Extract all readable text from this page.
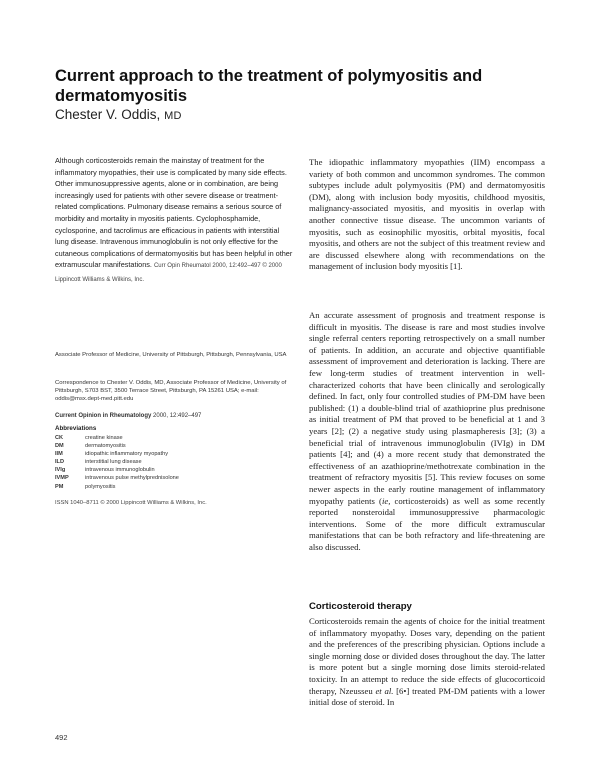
Current approach to the treatment of polymyositis and dermatomyositis
Chester V. Oddis, MD

Although corticosteroids remain the mainstay of treatment for the inflammatory myopathies, their use is complicated by many side effects. Other immunosuppressive agents, alone or in combination, are being increasingly used for patients with other severe disease or treatment-related complications. Pulmonary disease remains a serious source of morbidity and mortality in myositis patients. Cyclophosphamide, cyclosporine, and tacrolimus are efficacious in patients with interstitial lung disease. Intravenous immunoglobulin is not only effective for the cutaneous complications of dermatomyositis but has been helpful in other extramuscular manifestations. Curr Opin Rheumatol 2000, 12:492–497 © 2000 Lippincott Williams & Wilkins, Inc.

Associate Professor of Medicine, University of Pittsburgh, Pittsburgh, Pennsylvania, USA

Correspondence to Chester V. Oddis, MD, Associate Professor of Medicine, University of Pittsburgh, S703 BST, 3500 Terrace Street, Pittsburgh, PA 15261 USA; e-mail: oddis@msx.dept-med.pitt.edu

Current Opinion in Rheumatology 2000, 12:492–497

Abbreviations

CK	creatine kinase
DM	dermatomyositis
IIM	idiopathic inflammatory myopathy
ILD	interstitial lung disease
IVIg	intravenous immunoglobulin
IVMP	intravenous pulse methylprednisolone
PM	polymyositis

ISSN 1040–8711 © 2000 Lippincott Williams & Wilkins, Inc.

492

The idiopathic inflammatory myopathies (IIM) encompass a variety of both common and uncommon syndromes. The common subtypes include adult polymyositis (PM) and dermatomyositis (DM), along with inclusion body myositis, childhood myositis, malignancy-associated myositis, and myositis in overlap with another connective tissue disease. The uncommon variants of myositis, such as eosinophilic myositis, orbital myositis, focal myositis, and others are not the subject of this treatment review and are discussed elsewhere along with recommendations on the management of inclusion body myositis [1].

An accurate assessment of prognosis and treatment response is difficult in myositis. The disease is rare and most studies involve single referral centers reporting retrospectively on a small number of patients. In addition, an accurate and objective quantifiable assessment of improvement and deterioration is lacking. There are few long-term studies of treatment intervention in well-characterized cohorts that have been clinically and serologically defined. In fact, only four controlled studies of PM-DM have been published: (1) a double-blind trial of azathioprine plus prednisone as initial treatment of PM that proved to be beneficial at 1 and 3 years [2]; (2) a negative study using plasmapheresis [3]; (3) a beneficial trial of intravenous immunoglobulin (IVIg) in DM patients [4]; and (4) a more recent study that demonstrated the effectiveness of an azathioprine/methotrexate combination in the treatment of refractory myositis [5]. This review focuses on some newer aspects in the early routine management of inflammatory myopathy patients (ie, corticosteroids) as well as some recently reported nonsteroidal immunosuppressive pharmacologic interventions. Some of the more difficult extramuscular manifestations that can be both refractory and life-threatening are also discussed.

Corticosteroid therapy

Corticosteroids remain the agents of choice for the initial treatment of inflammatory myopathy. Doses vary, depending on the patient and the preferences of the prescribing physician. Options include a single morning dose or divided doses throughout the day. The latter is more potent but a single morning dose limits steroid-related toxicity. In an attempt to reduce the side effects of glucocorticoid therapy, Nzeusseu et al. [6•] treated PM-DM patients with a lower initial dose of steroid. In
